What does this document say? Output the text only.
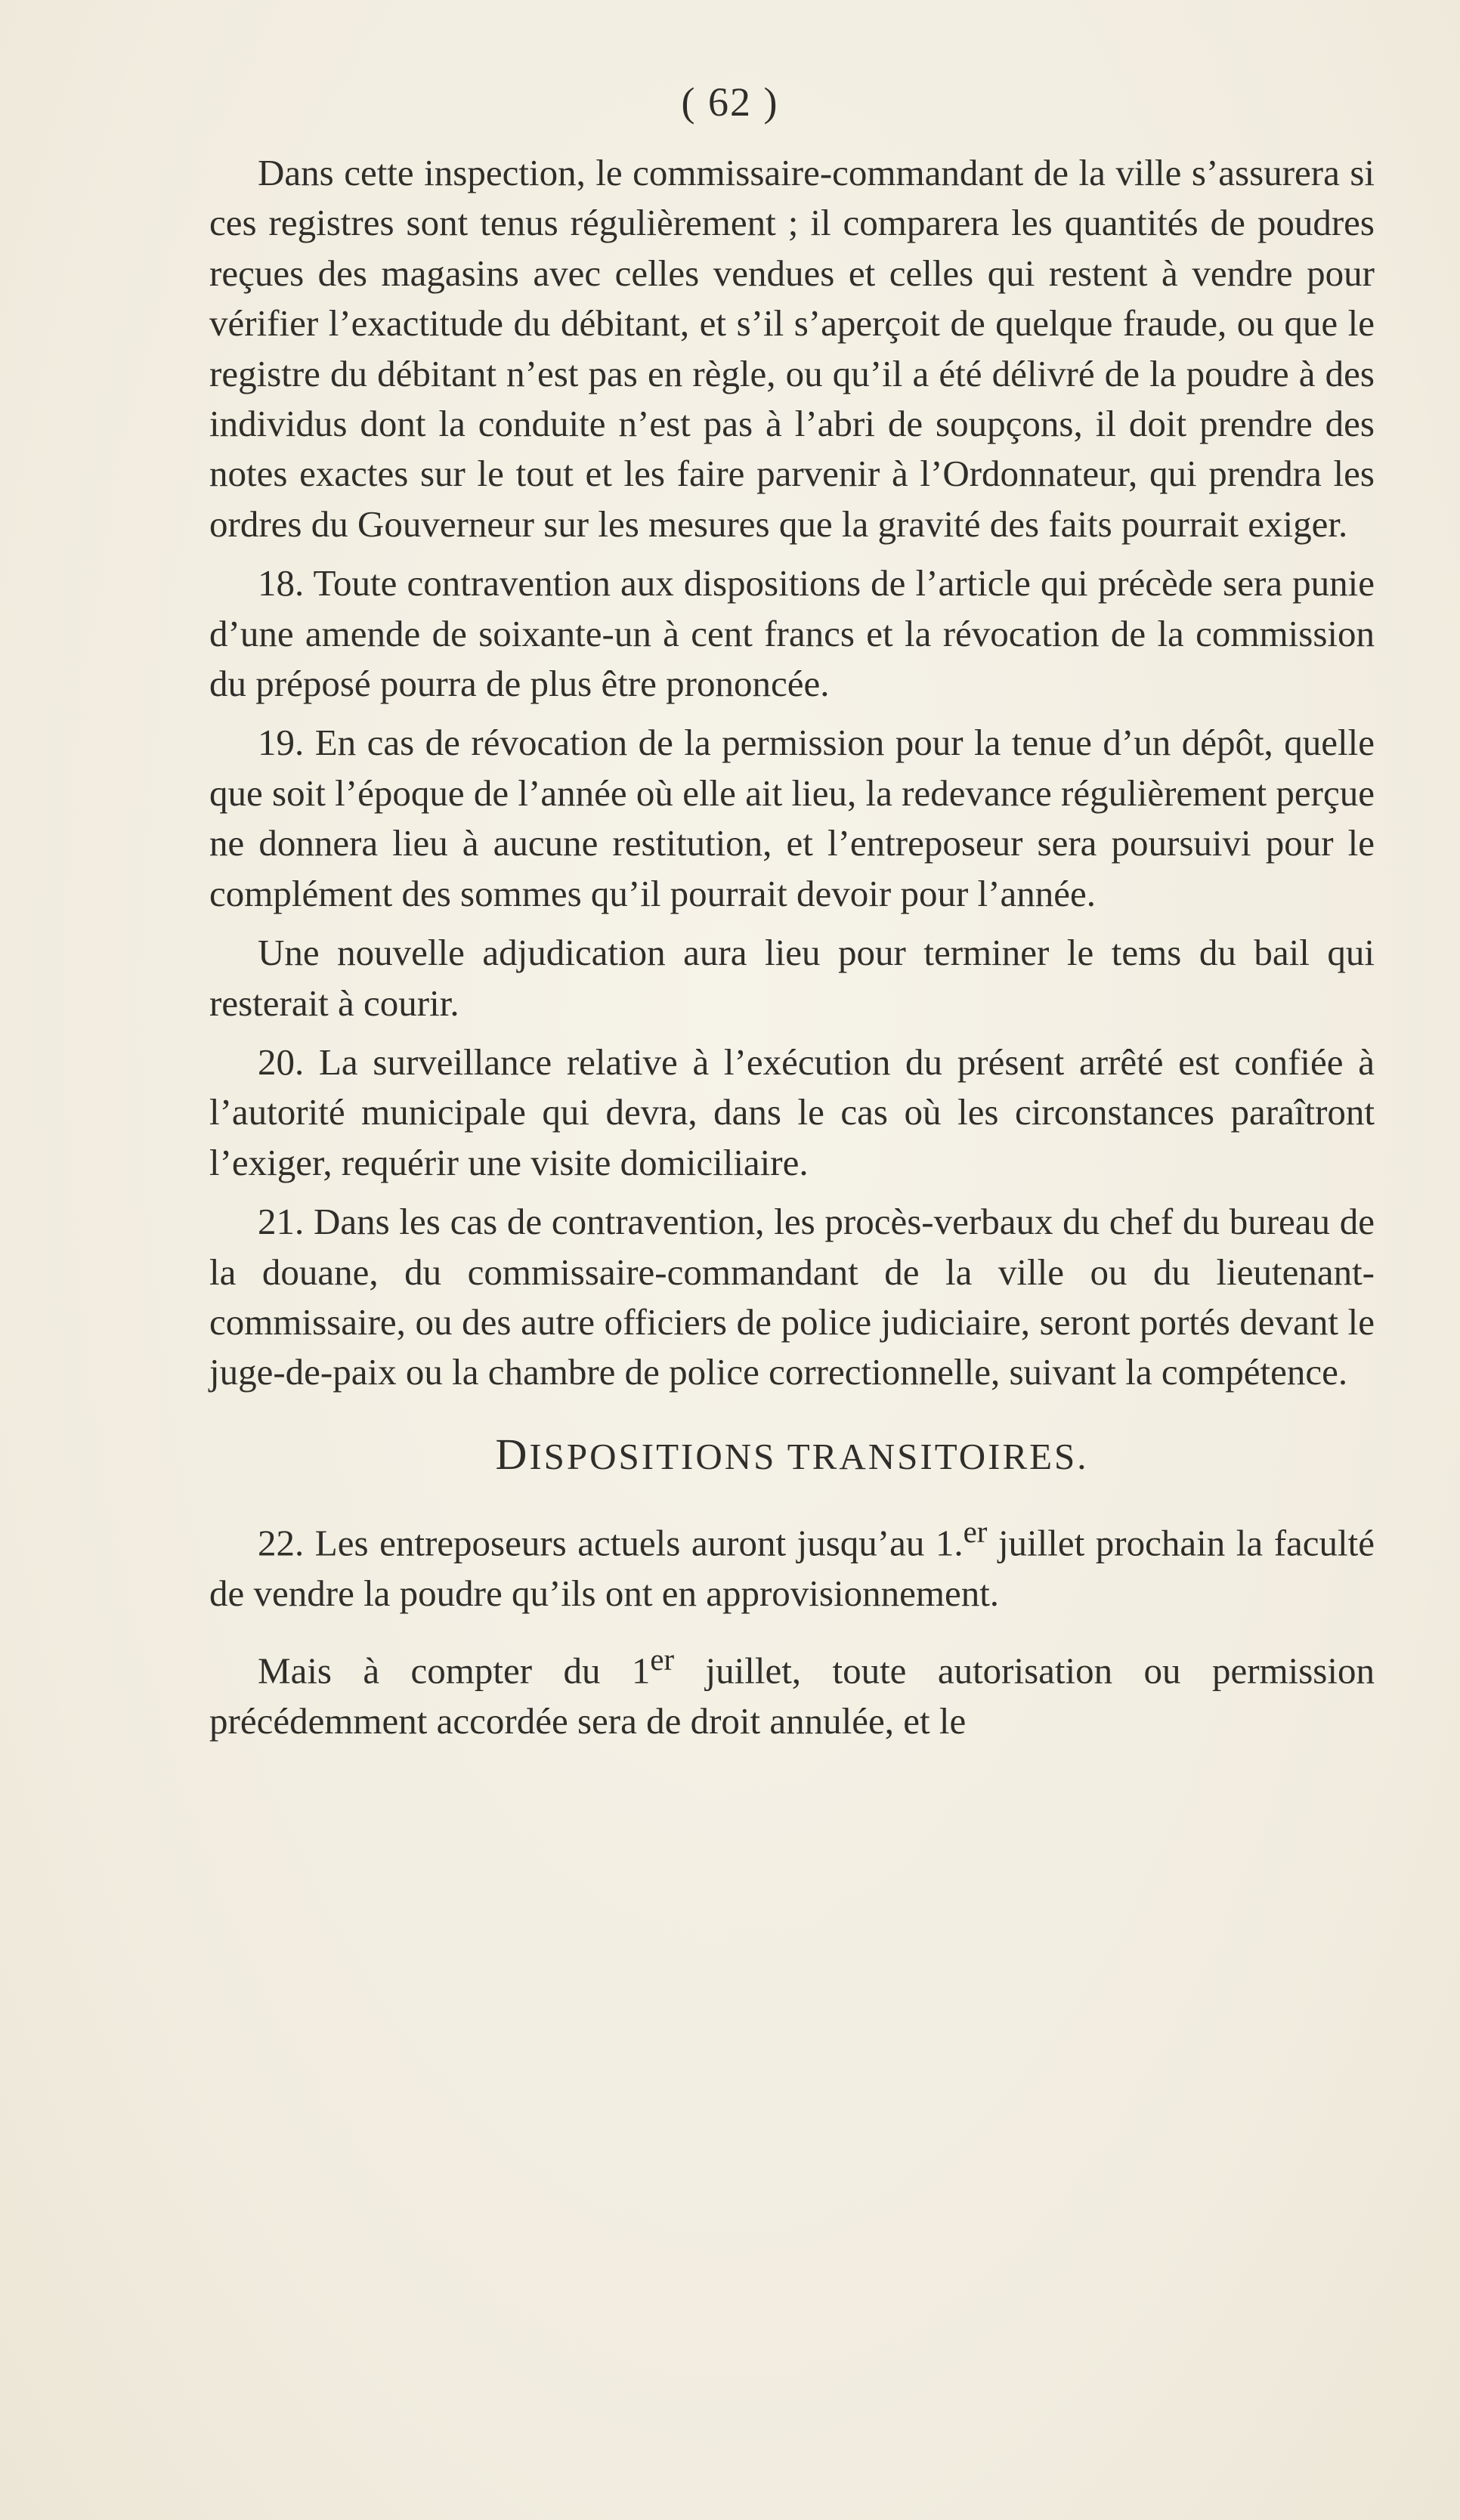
( 62 )

Dans cette inspection, le commissaire-commandant de la ville s’assurera si ces registres sont tenus régulièrement ; il comparera les quantités de poudres reçues des magasins avec celles vendues et celles qui restent à vendre pour vérifier l’exactitude du débitant, et s’il s’aperçoit de quelque fraude, ou que le registre du débitant n’est pas en règle, ou qu’il a été délivré de la poudre à des individus dont la conduite n’est pas à l’abri de soupçons, il doit prendre des notes exactes sur le tout et les faire parvenir à l’Ordonnateur, qui prendra les ordres du Gouverneur sur les mesures que la gravité des faits pourrait exiger.

18. Toute contravention aux dispositions de l’article qui précède sera punie d’une amende de soixante-un à cent francs et la révocation de la commission du préposé pourra de plus être prononcée.

19. En cas de révocation de la permission pour la tenue d’un dépôt, quelle que soit l’époque de l’année où elle ait lieu, la redevance régulièrement perçue ne donnera lieu à aucune restitution, et l’entreposeur sera poursuivi pour le complément des sommes qu’il pourrait devoir pour l’année.

Une nouvelle adjudication aura lieu pour terminer le tems du bail qui resterait à courir.

20. La surveillance relative à l’exécution du présent arrêté est confiée à l’autorité municipale qui devra, dans le cas où les circonstances paraîtront l’exiger, requérir une visite domiciliaire.

21. Dans les cas de contravention, les procès-verbaux du chef du bureau de la douane, du commissaire-commandant de la ville ou du lieutenant-commissaire, ou des autre officiers de police judiciaire, seront portés devant le juge-de-paix ou la chambre de police correctionnelle, suivant la compétence.

DISPOSITIONS TRANSITOIRES.

22. Les entreposeurs actuels auront jusqu’au 1.$^{er}$ juillet prochain la faculté de vendre la poudre qu’ils ont en approvisionnement.

Mais à compter du 1er juillet, toute autorisation ou permission précédemment accordée sera de droit annulée, et le
